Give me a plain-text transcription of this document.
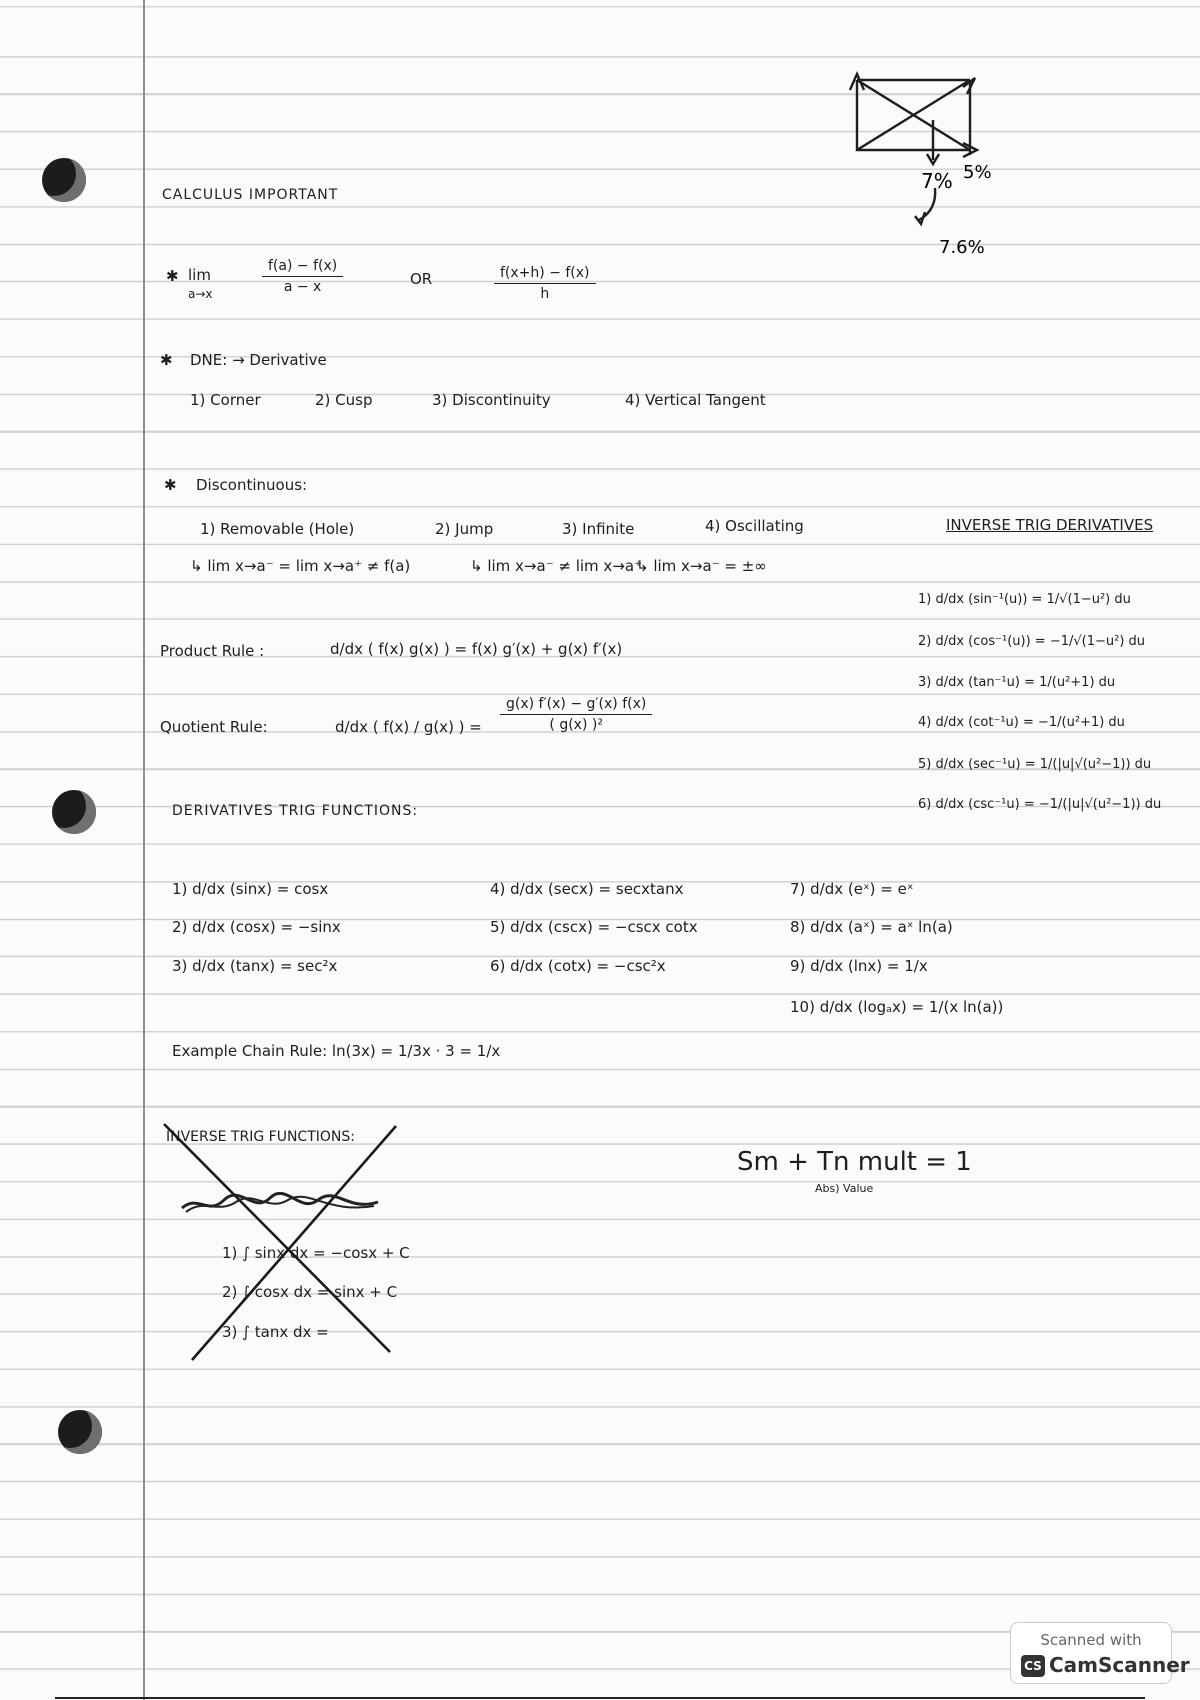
7% 5%
7.6%
CALCULUS IMPORTANT
✱ lim
a→x	$\frac{f(a) - f(x)}{a - x}$	OR	$\frac{f(x+h) - f(x)}{h}$
✱ DNE: → Derivative
1) Corner	2) Cusp	3) Discontinuity	4) Vertical Tangent
✱ Discontinuous:
1) Removable (Hole)	2) Jump	3) Infinite	4) Oscillating
↳ lim x→a⁻ = lim x→a⁺ ≠ f(a)	↳ lim x→a⁻ ≠ lim x→a⁺
↳ lim x→a⁻ = ±∞
Product Rule :	d/dx ( f(x) g(x) ) = f(x) g′(x) + g(x) f′(x)
Quotient Rule:	d/dx ( f(x) / g(x) ) = $\frac{g(x) f'(x) - g'(x) f(x)}{\text{( g(x) )²}}$
DERIVATIVES TRIG FUNCTIONS:
1) d/dx (sinx) = cosx
2) d/dx (cosx) = −sinx
3) d/dx (tanx) = sec²x
4) d/dx (secx) = secxtanx
5) d/dx (cscx) = −cscx cotx
6) d/dx (cotx) = −csc²x
7) d/dx (eˣ) = eˣ
8) d/dx (aˣ) = aˣ ln(a)
9) d/dx (lnx) = 1/x
10) d/dx (logₐx) = 1/(x ln(a))
Example Chain Rule: ln(3x) = 1/3x · 3 = 1/x
INVERSE TRIG DERIVATIVES
1) d/dx (sin⁻¹(u)) = 1/√(1−u²) du
2) d/dx (cos⁻¹(u)) = −1/√(1−u²) du
3) d/dx (tan⁻¹u) = 1/(u²+1) du
4) d/dx (cot⁻¹u) = −1/(u²+1) du
5) d/dx (sec⁻¹u) = 1/(|u|√(u²−1)) du
6) d/dx (csc⁻¹u) = −1/(|u|√(u²−1)) du
INVERSE TRIG FUNCTIONS:
1) ∫ sinx dx = −cosx + C
2) ∫ cosx dx = sinx + C
3) ∫ tanx dx =
Sm + Tn mult = 1
Abs) Value
Scanned with
CS CamScanner
